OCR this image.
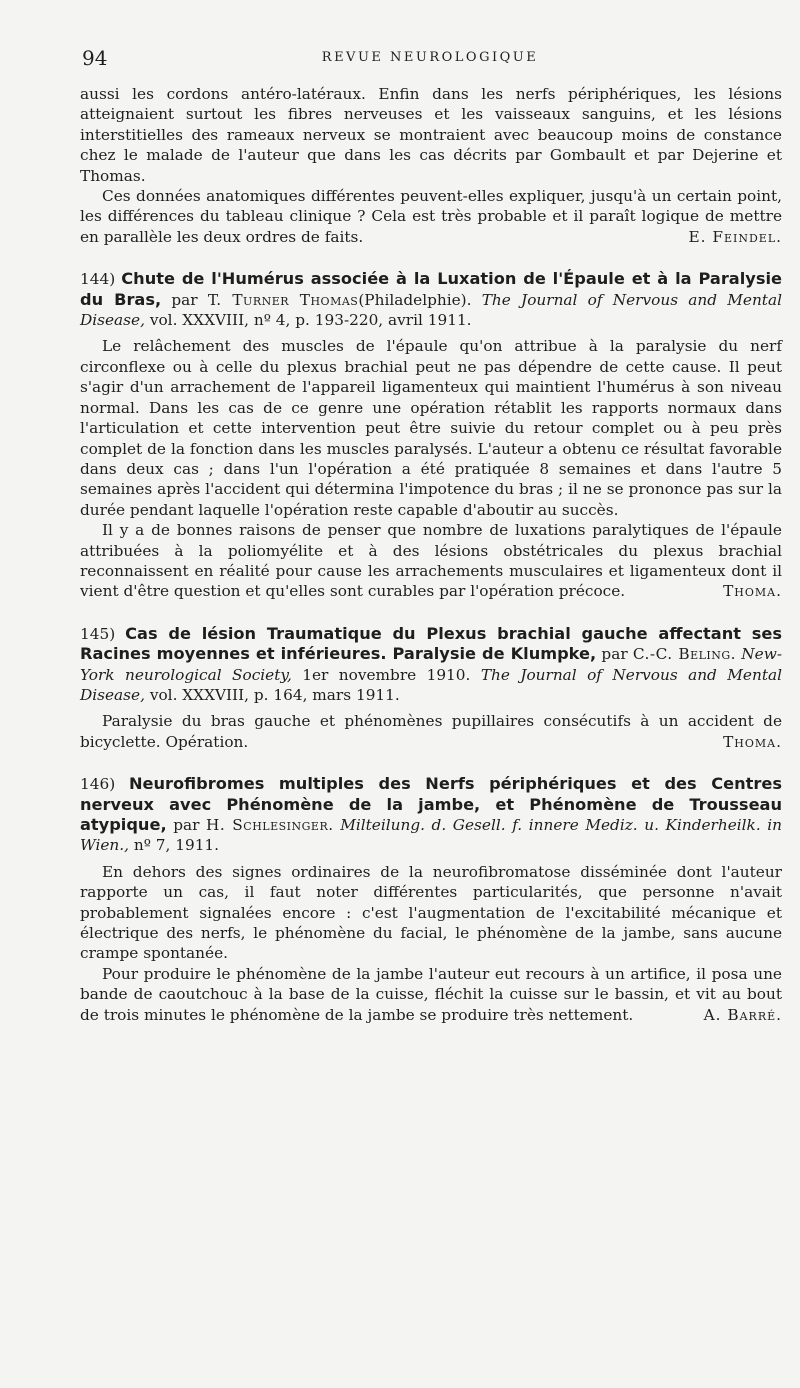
94	REVUE NEUROLOGIQUE

aussi les cordons antéro-latéraux. Enfin dans les nerfs périphériques, les lésions atteignaient surtout les fibres nerveuses et les vaisseaux sanguins, et les lésions interstitielles des rameaux nerveux se montraient avec beaucoup moins de constance chez le malade de l'auteur que dans les cas décrits par Gombault et par Dejerine et Thomas.

Ces données anatomiques différentes peuvent-elles expliquer, jusqu'à un certain point, les différences du tableau clinique ? Cela est très probable et il paraît logique de mettre en parallèle les deux ordres de faits.	E. Feindel.

144) Chute de l'Humérus associée à la Luxation de l'Épaule et à la Paralysie du Bras, par T. Turner Thomas(Philadelphie). The Journal of Nervous and Mental Disease, vol. XXXVIII, nº 4, p. 193-220, avril 1911.

Le relâchement des muscles de l'épaule qu'on attribue à la paralysie du nerf circonflexe ou à celle du plexus brachial peut ne pas dépendre de cette cause. Il peut s'agir d'un arrachement de l'appareil ligamenteux qui maintient l'humérus à son niveau normal. Dans les cas de ce genre une opération rétablit les rapports normaux dans l'articulation et cette intervention peut être suivie du retour complet ou à peu près complet de la fonction dans les muscles paralysés. L'auteur a obtenu ce résultat favorable dans deux cas ; dans l'un l'opération a été pratiquée 8 semaines et dans l'autre 5 semaines après l'accident qui détermina l'impotence du bras ; il ne se prononce pas sur la durée pendant laquelle l'opération reste capable d'aboutir au succès.

Il y a de bonnes raisons de penser que nombre de luxations paralytiques de l'épaule attribuées à la poliomyélite et à des lésions obstétricales du plexus brachial reconnaissent en réalité pour cause les arrachements musculaires et ligamenteux dont il vient d'être question et qu'elles sont curables par l'opération précoce.	Thoma.

145) Cas de lésion Traumatique du Plexus brachial gauche affectant ses Racines moyennes et inférieures. Paralysie de Klumpke, par C.-C. Beling. New-York neurological Society, 1er novembre 1910. The Journal of Nervous and Mental Disease, vol. XXXVIII, p. 164, mars 1911.

Paralysie du bras gauche et phénomènes pupillaires consécutifs à un accident de bicyclette. Opération.	Thoma.

146) Neurofibromes multiples des Nerfs périphériques et des Centres nerveux avec Phénomène de la jambe, et Phénomène de Trousseau atypique, par H. Schlesinger. Milteilung. d. Gesell. f. innere Mediz. u. Kinderheilk. in Wien., nº 7, 1911.

En dehors des signes ordinaires de la neurofibromatose disséminée dont l'auteur rapporte un cas, il faut noter différentes particularités, que personne n'avait probablement signalées encore : c'est l'augmentation de l'excitabilité mécanique et électrique des nerfs, le phénomène du facial, le phénomène de la jambe, sans aucune crampe spontanée.

Pour produire le phénomène de la jambe l'auteur eut recours à un artifice, il posa une bande de caoutchouc à la base de la cuisse, fléchit la cuisse sur le bassin, et vit au bout de trois minutes le phénomène de la jambe se produire très nettement.	A. Barré.
